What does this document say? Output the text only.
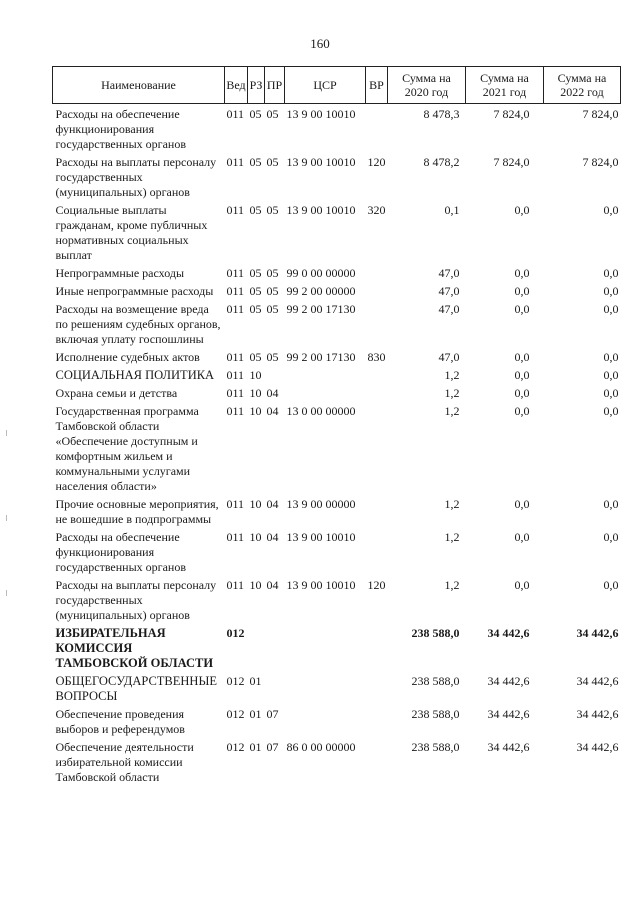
160
Наименование	Вед	РЗ	ПР	ЦСР	ВР	Сумма на 2020 год	Сумма на 2021 год	Сумма на 2022 год
Расходы на обеспечение функционирования государственных органов	011	05	05	13 9 00 10010		8 478,3	7 824,0	7 824,0
Расходы на выплаты персоналу государственных (муниципальных) органов	011	05	05	13 9 00 10010	120	8 478,2	7 824,0	7 824,0
Социальные выплаты гражданам, кроме публичных нормативных социальных выплат	011	05	05	13 9 00 10010	320	0,1	0,0	0,0
Непрограммные расходы	011	05	05	99 0 00 00000		47,0	0,0	0,0
Иные непрограммные расходы	011	05	05	99 2 00 00000		47,0	0,0	0,0
Расходы на возмещение вреда по решениям судебных органов, включая уплату госпошлины	011	05	05	99 2 00 17130		47,0	0,0	0,0
Исполнение судебных актов	011	05	05	99 2 00 17130	830	47,0	0,0	0,0
СОЦИАЛЬНАЯ ПОЛИТИКА	011	10				1,2	0,0	0,0
Охрана семьи и детства	011	10	04			1,2	0,0	0,0
Государственная программа Тамбовской области «Обеспечение доступным и комфортным жильем и коммунальными услугами населения области»	011	10	04	13 0 00 00000		1,2	0,0	0,0
Прочие основные мероприятия, не вошедшие в подпрограммы	011	10	04	13 9 00 00000		1,2	0,0	0,0
Расходы на обеспечение функционирования государственных органов	011	10	04	13 9 00 10010		1,2	0,0	0,0
Расходы на выплаты персоналу государственных (муниципальных) органов	011	10	04	13 9 00 10010	120	1,2	0,0	0,0
ИЗБИРАТЕЛЬНАЯ КОМИССИЯ ТАМБОВСКОЙ ОБЛАСТИ	012					238 588,0	34 442,6	34 442,6
ОБЩЕГОСУДАРСТВЕННЫЕ ВОПРОСЫ	012	01				238 588,0	34 442,6	34 442,6
Обеспечение проведения выборов и референдумов	012	01	07			238 588,0	34 442,6	34 442,6
Обеспечение деятельности избирательной комиссии Тамбовской области	012	01	07	86 0 00 00000		238 588,0	34 442,6	34 442,6
